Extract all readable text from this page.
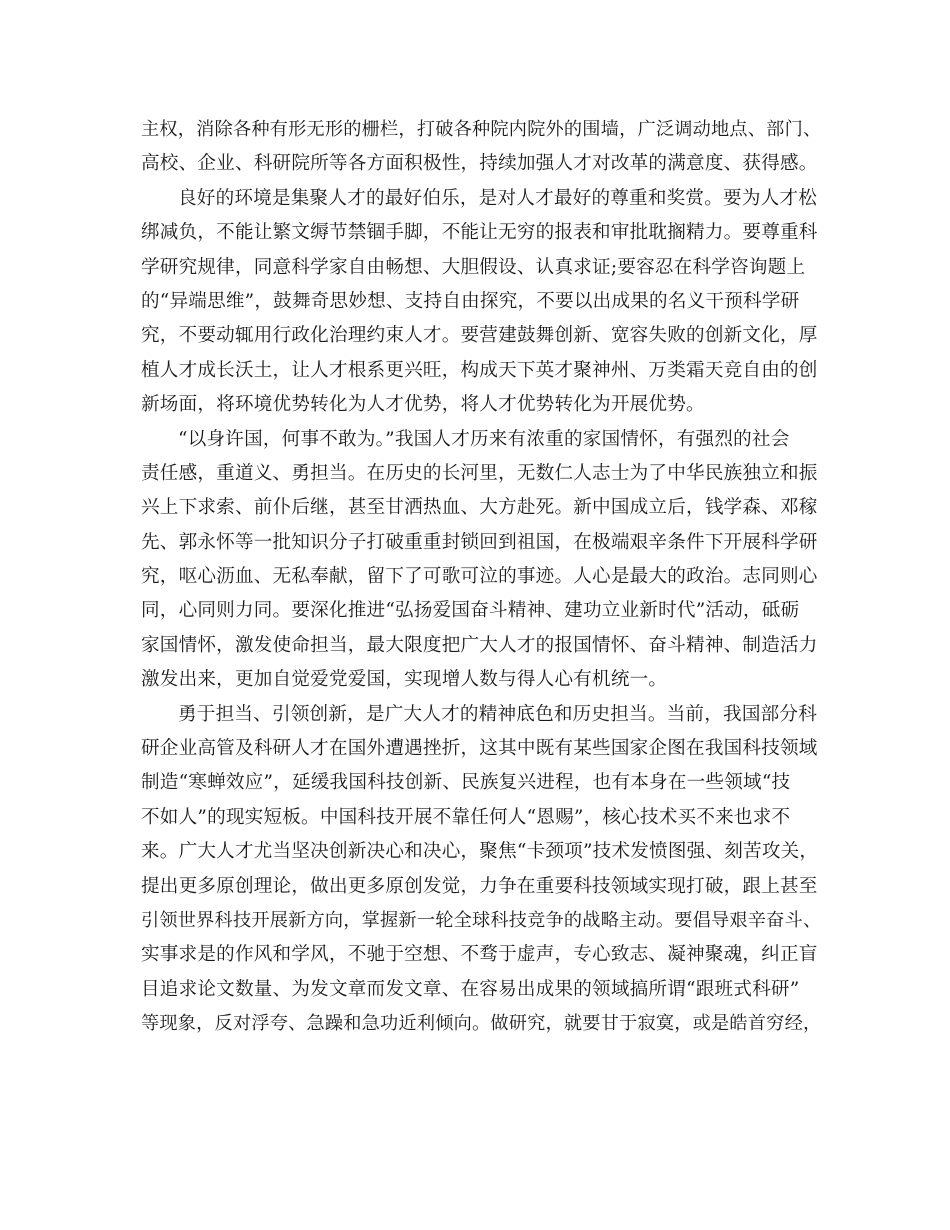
主权，消除各种有形无形的栅栏，打破各种院内院外的围墙，广泛调动地点、部门、
高校、企业、科研院所等各方面积极性，持续加强人才对改革的满意度、获得感。
良好的环境是集聚人才的最好伯乐，是对人才最好的尊重和奖赏。要为人才松
绑减负，不能让繁文缛节禁锢手脚，不能让无穷的报表和审批耽搁精力。要尊重科
学研究规律，同意科学家自由畅想、大胆假设、认真求证;要容忍在科学咨询题上
的“异端思维”，鼓舞奇思妙想、支持自由探究，不要以出成果的名义干预科学研
究，不要动辄用行政化治理约束人才。要营建鼓舞创新、宽容失败的创新文化，厚
植人才成长沃土，让人才根系更兴旺，构成天下英才聚神州、万类霜天竞自由的创
新场面，将环境优势转化为人才优势，将人才优势转化为开展优势。
“以身许国，何事不敢为。”我国人才历来有浓重的家国情怀，有强烈的社会
责任感，重道义、勇担当。在历史的长河里，无数仁人志士为了中华民族独立和振
兴上下求索、前仆后继，甚至甘洒热血、大方赴死。新中国成立后，钱学森、邓稼
先、郭永怀等一批知识分子打破重重封锁回到祖国，在极端艰辛条件下开展科学研
究，呕心沥血、无私奉献，留下了可歌可泣的事迹。人心是最大的政治。志同则心
同，心同则力同。要深化推进“弘扬爱国奋斗精神、建功立业新时代”活动，砥砺
家国情怀，激发使命担当，最大限度把广大人才的报国情怀、奋斗精神、制造活力
激发出来，更加自觉爱党爱国，实现增人数与得人心有机统一。
勇于担当、引领创新，是广大人才的精神底色和历史担当。当前，我国部分科
研企业高管及科研人才在国外遭遇挫折，这其中既有某些国家企图在我国科技领域
制造“寒蝉效应”，延缓我国科技创新、民族复兴进程，也有本身在一些领域“技
不如人”的现实短板。中国科技开展不靠任何人“恩赐”，核心技术买不来也求不
来。广大人才尤当坚决创新决心和决心，聚焦“卡颈项”技术发愤图强、刻苦攻关，
提出更多原创理论，做出更多原创发觉，力争在重要科技领域实现打破，跟上甚至
引领世界科技开展新方向，掌握新一轮全球科技竞争的战略主动。要倡导艰辛奋斗、
实事求是的作风和学风，不驰于空想、不骛于虚声，专心致志、凝神聚魂，纠正盲
目追求论文数量、为发文章而发文章、在容易出成果的领域搞所谓“跟班式科研”
等现象，反对浮夸、急躁和急功近利倾向。做研究，就要甘于寂寞，或是皓首穷经，
